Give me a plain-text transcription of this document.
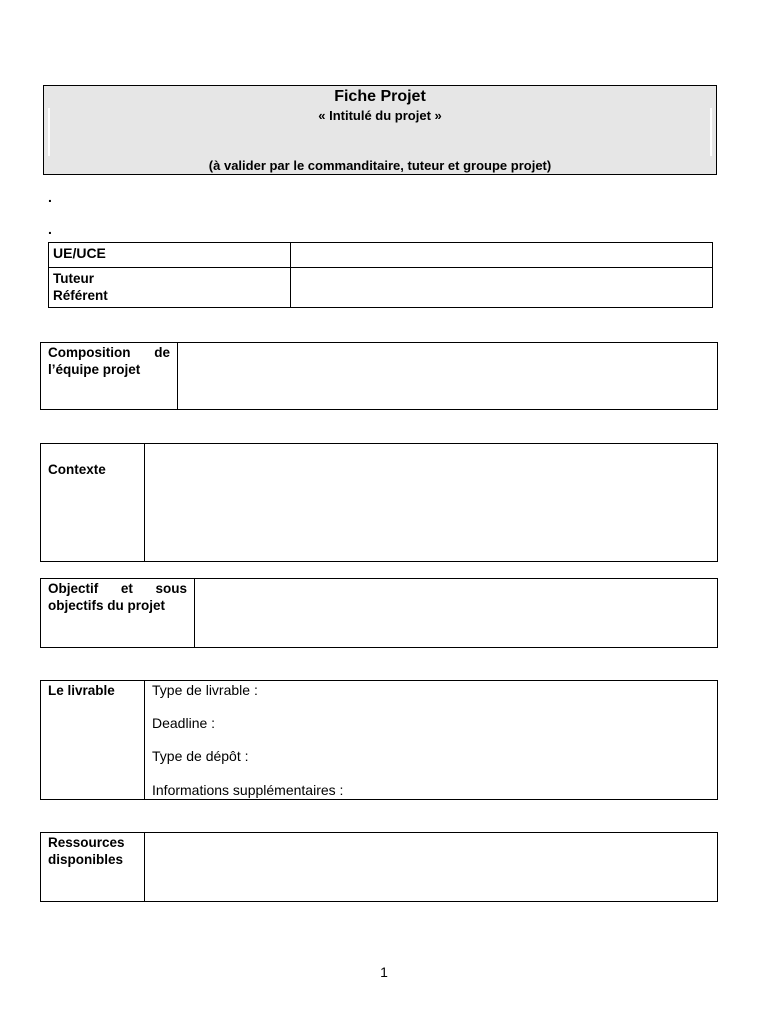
Fiche Projet
« Intitulé du projet »
(à valider par le commanditaire, tuteur et groupe projet)
.
.
UE/UCE	

Tuteur
Référent	

Composition de
l’équipe projet

Contexte

Objectif et sous
objectifs du projet

Le livrable	Type de livrable :
Deadline :
Type de dépôt :
Informations supplémentaires :
Ressources
disponibles

1
